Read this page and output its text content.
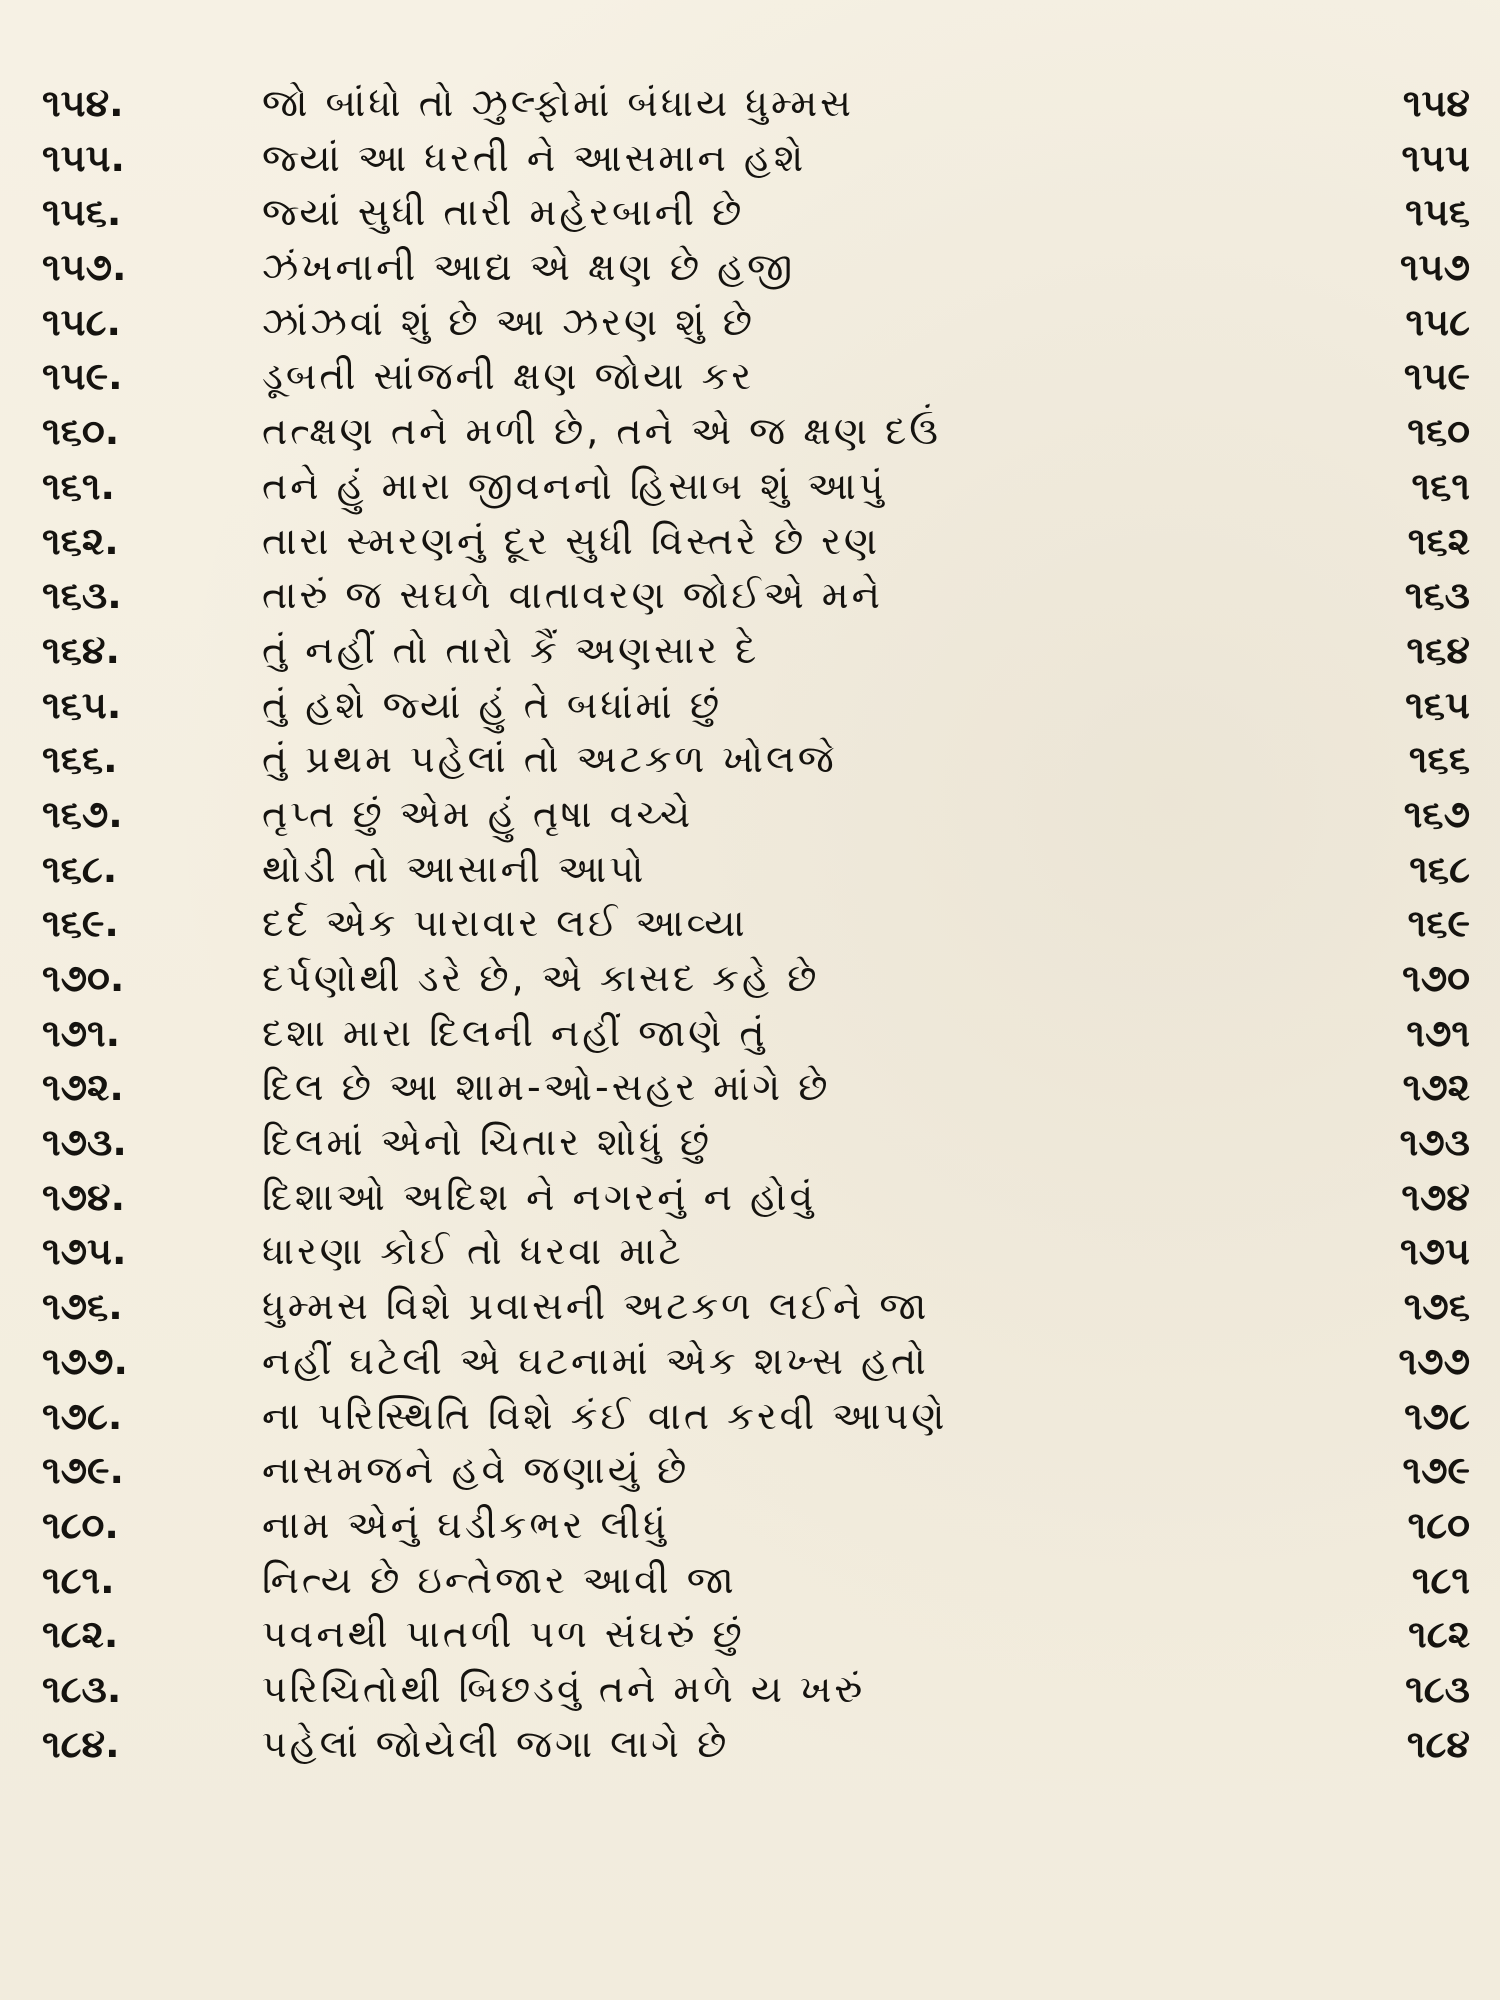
૧૫૪.	જો બાંધો તો ઝુલ્ફોમાં બંધાય ધુમ્મસ	૧૫૪
૧૫૫.	જ્યાં આ ધરતી ને આસમાન હશે	૧૫૫
૧૫૬.	જ્યાં સુધી તારી મહેરબાની છે	૧૫૬
૧૫૭.	ઝંખનાની આદ્ય એ ક્ષણ છે હજી	૧૫૭
૧૫૮.	ઝાંઝવાં શું છે આ ઝરણ શું છે	૧૫૮
૧૫૯.	ડૂબતી સાંજની ક્ષણ જોયા કર	૧૫૯
૧૬૦.	તત્ક્ષણ તને મળી છે, તને એ જ ક્ષણ દઉં	૧૬૦
૧૬૧.	તને હું મારા જીવનનો હિસાબ શું આપું	૧૬૧
૧૬૨.	તારા સ્મરણનું દૂર સુધી વિસ્તરે છે રણ	૧૬૨
૧૬૩.	તારું જ સઘળે વાતાવરણ જોઈએ મને	૧૬૩
૧૬૪.	તું નહીં તો તારો કૈં અણસાર દે	૧૬૪
૧૬૫.	તું હશે જ્યાં હું તે બધાંમાં છું	૧૬૫
૧૬૬.	તું પ્રથમ પહેલાં તો અટકળ ખોલજે	૧૬૬
૧૬૭.	તૃપ્ત છું એમ હું તૃષા વચ્ચે	૧૬૭
૧૬૮.	થોડી તો આસાની આપો	૧૬૮
૧૬૯.	દર્દ એક પારાવાર લઈ આવ્યા	૧૬૯
૧૭૦.	દર્પણોથી ડરે છે, એ કાસદ કહે છે	૧૭૦
૧૭૧.	દશા મારા દિલની નહીં જાણે તું	૧૭૧
૧૭૨.	દિલ છે આ શામ-ઓ-સહર માંગે છે	૧૭૨
૧૭૩.	દિલમાં એનો ચિતાર શોધું છું	૧૭૩
૧૭૪.	દિશાઓ અદિશ ને નગરનું ન હોવું	૧૭૪
૧૭૫.	ધારણા કોઈ તો ધરવા માટે	૧૭૫
૧૭૬.	ધુમ્મસ વિશે પ્રવાસની અટકળ લઈને જા	૧૭૬
૧૭૭.	નહીં ઘટેલી એ ઘટનામાં એક શખ્સ હતો	૧૭૭
૧૭૮.	ના પરિસ્થિતિ વિશે કંઈ વાત કરવી આપણે	૧૭૮
૧૭૯.	નાસમજને હવે જણાયું છે	૧૭૯
૧૮૦.	નામ એનું ઘડીકભર લીધું	૧૮૦
૧૮૧.	નિત્ય છે ઇન્તેજાર આવી જા	૧૮૧
૧૮૨.	પવનથી પાતળી પળ સંઘરું છું	૧૮૨
૧૮૩.	પરિચિતોથી બિછડવું તને મળે ય ખરું	૧૮૩
૧૮૪.	પહેલાં જોયેલી જગા લાગે છે	૧૮૪
